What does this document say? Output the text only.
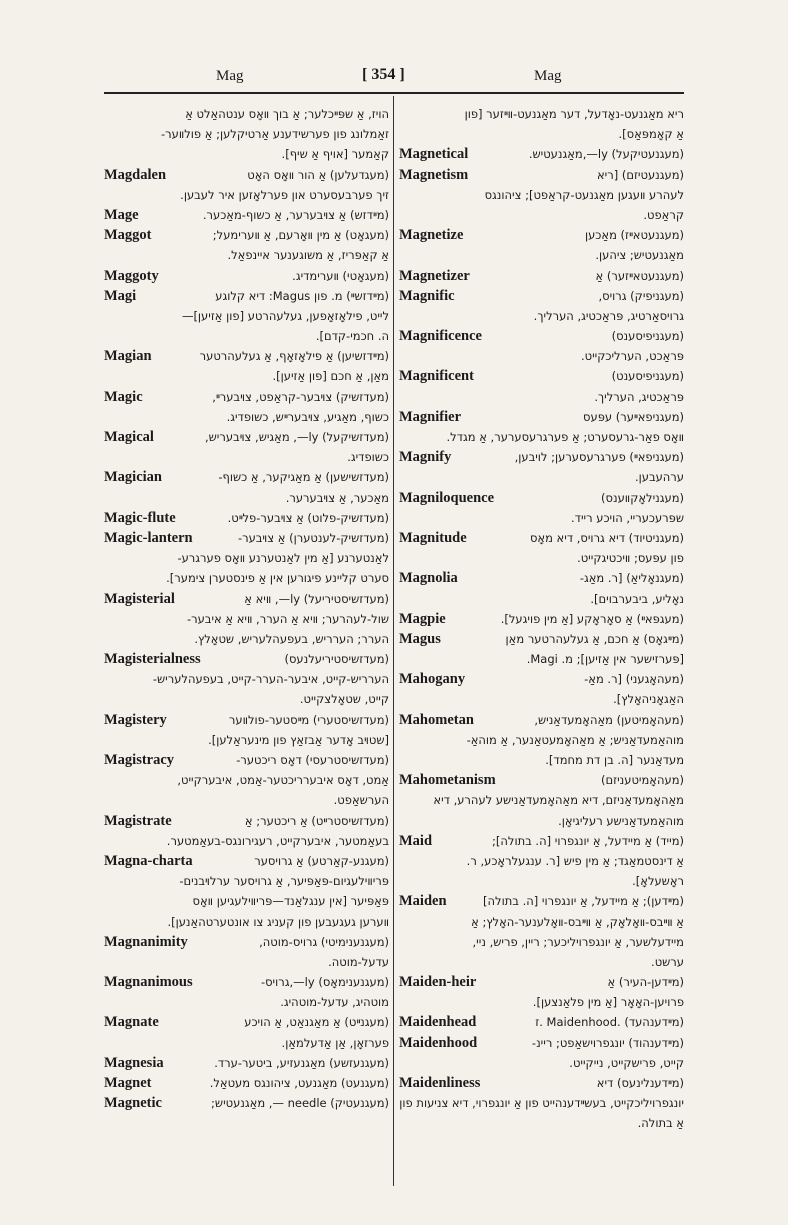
Mag	[ 354 ]	Mag
הויז, אַ שפּײכלער; אַ בוך װאָס ענטהאַלט אַ
זאַמלונג פון פערשידענע אַרטיקלען; אַ פולװער-
קאַמער [אויף אַ שיף].
Magdalen	(מעגדעלען) אַ הור װאָס האָט
זיך פערבעסערט און פערלאָזען איר לעבען.
Mage	(מײדזש) אַ צױבערער, אַ כשוף-מאַכער.
Maggot	(מעגאָט) אַ מין װאָרעם, אַ װערימעל;
אַ קאַפּריז, אַ משוגענער איינפאַל.
Maggoty	(מעגאָטי) װערימדיג.
Magi	(מײדזשײ) מ. פון Magus: דיא קלוגע
לייט, פילאָזאָפען, געלעהרטע [פון אַזיען]—
ה. חכמי-קדם].
Magian	(מײדזשיען) אַ פילאָזאָף, אַ געלעהרטער
מאַן, אַ חכם [פון אַזיען].
Magic	(מעדזשיק) צױבער-קראַפט, צױבערײ,
כשוף, מאַגיע, צױבערײש, כשופדיג.
Magical	(מעדזשיקעל) ly—, מאַגיש, צױבעריש,
כשופדיג.
Magician	(מעדזשישען) אַ מאַגיקער, אַ כשוף-
מאַכער, אַ צױבערער.
Magic-flute	(מעדזשיק-פלוט) אַ צױבער-פלײט.
Magic-lantern	(מעדזשיק-לענטערן) אַ צױבער-
לאַנטערנע [אַ מין לאַנטערנע װאָס פערגרע-
סערט קליינע פיגורען אין אַ פינסטערן צימער].
Magisterial	(מעדזשיסטיריעל) ly—, װיא אַ
שול-לעהרער; װיא אַ הערר, װיא אַ איבער-
הערר; הערריש, בעפעהלעריש, שטאָלץ.
Magisterialness	(מעדזשיסטיריעלנעס)
הערריש-קייט, איבער-הערר-קייט, בעפעהלעריש-
קייט, שטאָלצקייט.
Magistery	(מעדזשיסטערי) מײסטער-פולװער
[שטױב אָדער אַבזאַץ פון מינעראַלען].
Magistracy	(מעדזשיסטרעסי) דאָס ריכטער-
אַמט, דאָס איבערריכטער-אַמט, איבערקייט,
הערשאַפט.
Magistrate	(מעדזשיסטרײט) אַ ריכטער; אַ
בעאַמטער, איבערקייט, רעגירונגס-בעאַמטער.
Magna-charta	(מעגנע-קאַרטע) אַ גרויסער
פּריװילעגיום-פּאַפּיער, אַ גרויסער ערלױבנים-
פּאַפּיער [אין ענגלאַנד—פּריװילעגיען װאָס
װערען געגעבען פון קעניג צו אונטערטהאַנען].
Magnanimity	(מעגנענימיטי) גרויס-מוטה,
עדעל-מוטה.
Magnanimous	(מעגנענימאָס) ly—,גרויס-
מוטהיג, עדעל-מוטהיג.
Magnate	(מעגנײט) אַ מאַגנאַט, אַ הויכע
פערזאָן, אַן אַדעלמאַן.
Magnesia	(מעגנעזשע) מאַגנעזיע, ביטער-ערד.
Magnet	(מעגנעט) מאַגנעט, ציהונגס מעטאַל.
Magnetic	(מעגנעטיק) needle —, מאַגנעטיש;
ריא מאַגנעט-נאָדעל, דער מאַגנעט-װײזער [פון
אַ קאָמפּאַס].
Magnetical	(מעגנעטיקעל) ly—,מאַגנעטיש.
Magnetism	(מעגנעטיזם) [ריא
לעהרע װעגען מאַגנעט-קראַפט]; ציהונגס
קראַפט.
Magnetize	(מעגנעטאײז) מאַכען
מאַגנעטיש; ציהען.
Magnetizer	(מעגנעטאײזער) אַ
Magnific	(מעגניפיק) גרויס,
גרויסאַרטיג, פּראַכטיג, הערליך.
Magnificence	(מעגניפיסענס)
פּראַכט, הערליכקייט.
Magnificent	(מעגניפיסענט)
פּראַכטיג, הערליך.
Magnifier	(מעגניפאײער) עפּעס
װאָס פאַר-גרעסערט; אַ פערגרעסערער, אַ מגדל.
Magnify	(מעגניפאײ) פערגרעסערען; לויבען,
ערהעבען.
Magniloquence	(מעגנילאָקװענס)
שפּרעכעריי, הויכע רייד.
Magnitude	(מעגניטיוד) דיא גרויס, דיא מאָס
פון עפּעס; װיכטיגקייט.
Magnolia	(מעגנאָליאַ) [ר. מאַג-
נאָליע, ביבערבוים].
Magpie	(מעגפּאײ) אַ סאָראָקע [אַ מין פויגעל].
Magus	(מײגאָס) אַ חכם, אַ געלעהרטער מאַן
[פּערזישער אין אַזיען]; מ. Magi.
Mahogany	(מעהאָגעני) [ר. מאַ-
האַגאָניהאָלץ].
Mahometan	(מעהאָמיטען) מאַהאָמעדאַניש,
מוהאַמעדאַניש; אַ מאַהאָמעטאַנער, אַ מוהאַ-
מעדאַנער [ה. בן דת מחמד].
Mahometanism	(מעהאָמיטעניזם)
מאַהאָמעדאַניזם, דיא מאַהאָמעדאַנישע לעהרע, דיא
מוהאַמעדאַנישע רעליגיאָן.
Maid	(מייד) אַ מיידעל, אַ יונגפרוי [ה. בתולה];
אַ דינסטמאַגד; אַ מין פיש [ר. ענגעלראָכע, ר.
ראָשעלאָ].
Maiden	(מײדען); אַ מיידעל, אַ יונגפרוי [ה. בתולה]
אַ װײבס-װאָלאָק, אַ װײבס-װאָלענער-האָלץ; אַ
מיידעלשער, אַ יונגפרויליכער; ריין, פריש, ניי,
ערשט.
Maiden-heir	(מײדען-העיר) אַ
פרויען-האָאָר [אַ מין פלאַנצען].
Maidenhead	(מײדענהעד) .Maidenhood .ז
Maidenhood	(מײדענהוד) יונגפרוישאַפט; ריינ-
קייט, פרישקייט, נייקייט.
Maidenliness	(מײדענלינעס) דיא
יונגפרויליכקייט, בעשײדענהייט פון אַ יונגפרוי, דיא צניעות פון
אַ בתולה.
